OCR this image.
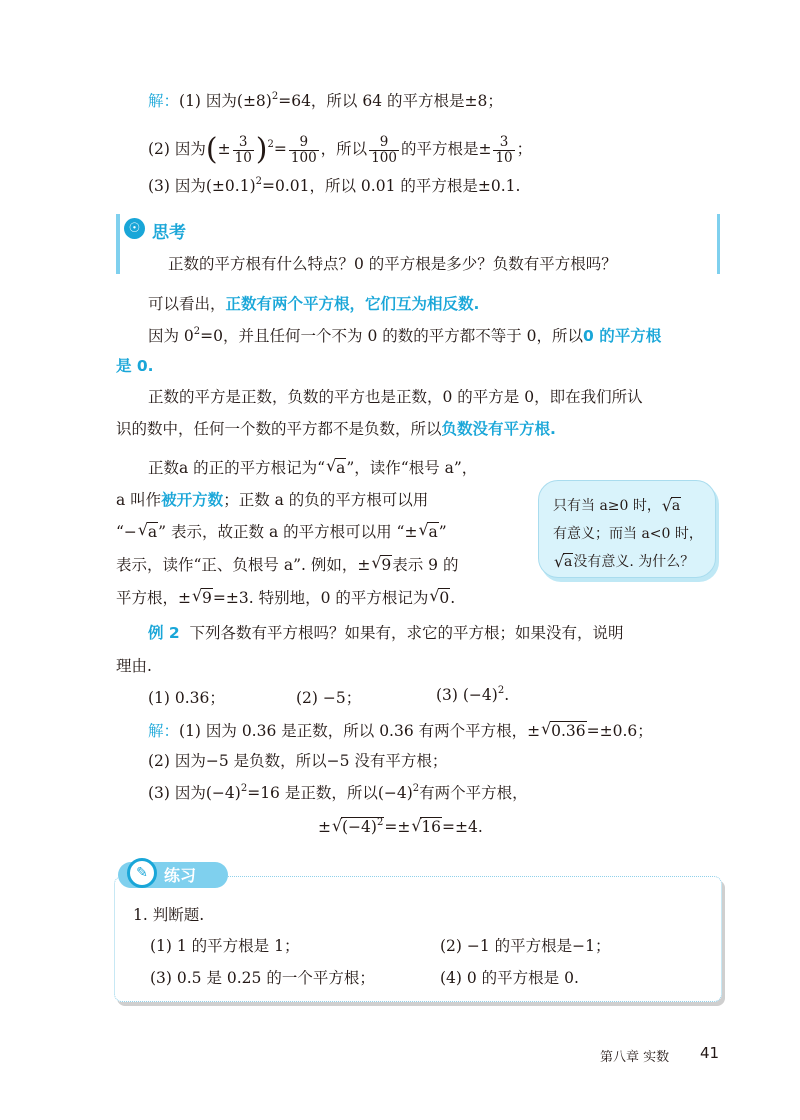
解：(1) 因为$(\pm 8)^2=64$，所以 64 的平方根是±8；
(2) 因为(± $\frac{3}{10} )^2= \frac{9}{100}$ ，所以 $\frac{9}{100}$ 的平方根是± $\frac{3}{10}$ ；
(3) 因为$(\pm 0.1)^2=0.01$，所以 0.01 的平方根是±0.1.
☉ 思考
正数的平方根有什么特点？0 的平方根是多少？负数有平方根吗？
可以看出，正数有两个平方根，它们互为相反数.
因为 $0^2=0$，并且任何一个不为 0 的数的平方都不等于 0，所以0 的平方根
是 0.
正数的平方是正数，负数的平方也是正数，0 的平方是 0，即在我们所认
识的数中，任何一个数的平方都不是负数，所以负数没有平方根.
正数a 的正的平方根记为“√ a”，读作“根号 a”，
a 叫作被开方数；正数 a 的负的平方根可以用
“−√ a” 表示，故正数 a 的平方根可以用 “±√ a”
表示，读作“正、负根号 a”. 例如，±√ 9表示 9 的
平方根，±√ 9=±3. 特别地，0 的平方根记为√ 0.
只有当 a≥0 时，√ a
有意义；而当 a<0 时，
√ a没有意义. 为什么？
例 2 下列各数有平方根吗？如果有，求它的平方根；如果没有，说明
理由.
(1) 0.36；	(2) −5；	(3) $(-4)^2$.
解：(1) 因为 0.36 是正数，所以 0.36 有两个平方根，±√ 0.36=±0.6；
(2) 因为−5 是负数，所以−5 没有平方根；
(3) 因为$(-4)^2=16$ 是正数，所以$(-4)^2$有两个平方根，
±√ $(-4)^2=\pm√$ 16=±4.
✎	练习
1. 判断题.
(1) 1 的平方根是 1；	(2) −1 的平方根是−1；
(3) 0.5 是 0.25 的一个平方根；	(4) 0 的平方根是 0.
第八章 实数 41
